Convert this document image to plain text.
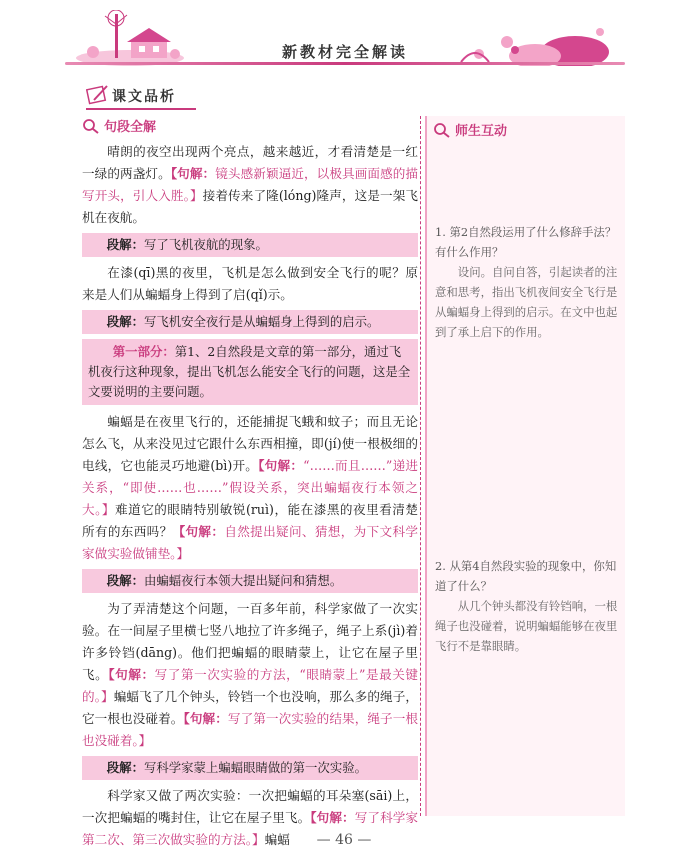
新教材完全解读
课文品析
句段全解

晴朗的夜空出现两个亮点，越来越近，才看清楚是一红一绿的两盏灯。【句解：镜头感新颖逼近，以极具画面感的描写开头，引人入胜。】接着传来了隆(lóng)隆声，这是一架飞机在夜航。

段解：写了飞机夜航的现象。

在漆(qī)黑的夜里，飞机是怎么做到安全飞行的呢？原来是人们从蝙蝠身上得到了启(qǐ)示。

段解：写飞机安全夜行是从蝙蝠身上得到的启示。
第一部分：第1、2自然段是文章的第一部分，通过飞机夜行这种现象，提出飞机怎么能安全飞行的问题，这是全文要说明的主要问题。

蝙蝠是在夜里飞行的，还能捕捉飞蛾和蚊子；而且无论怎么飞，从来没见过它跟什么东西相撞，即(jí)使一根极细的电线，它也能灵巧地避(bì)开。【句解：“……而且……”递进关系，“即使……也……”假设关系，突出蝙蝠夜行本领之大。】难道它的眼睛特别敏锐(ruì)，能在漆黑的夜里看清楚所有的东西吗？【句解：自然提出疑问、猜想，为下文科学家做实验做铺垫。】

段解：由蝙蝠夜行本领大提出疑问和猜想。

为了弄清楚这个问题，一百多年前，科学家做了一次实验。在一间屋子里横七竖八地拉了许多绳子，绳子上系(jì)着许多铃铛(dāng)。他们把蝙蝠的眼睛蒙上，让它在屋子里飞。【句解：写了第一次实验的方法，“眼睛蒙上”是最关键的。】蝙蝠飞了几个钟头，铃铛一个也没响，那么多的绳子，它一根也没碰着。【句解：写了第一次实验的结果，绳子一根也没碰着。】

段解：写科学家蒙上蝙蝠眼睛做的第一次实验。

科学家又做了两次实验：一次把蝙蝠的耳朵塞(sāi)上，一次把蝙蝠的嘴封住，让它在屋子里飞。【句解：写了科学家第二次、第三次做实验的方法。】蝙蝠

师生互动

1. 第2自然段运用了什么修辞手法？有什么作用？

设问。自问自答，引起读者的注意和思考，指出飞机夜间安全飞行是从蝙蝠身上得到的启示。在文中也起到了承上启下的作用。

2. 从第4自然段实验的现象中，你知道了什么？

从几个钟头都没有铃铛响，一根绳子也没碰着，说明蝙蝠能够在夜里飞行不是靠眼睛。

— 46 —
